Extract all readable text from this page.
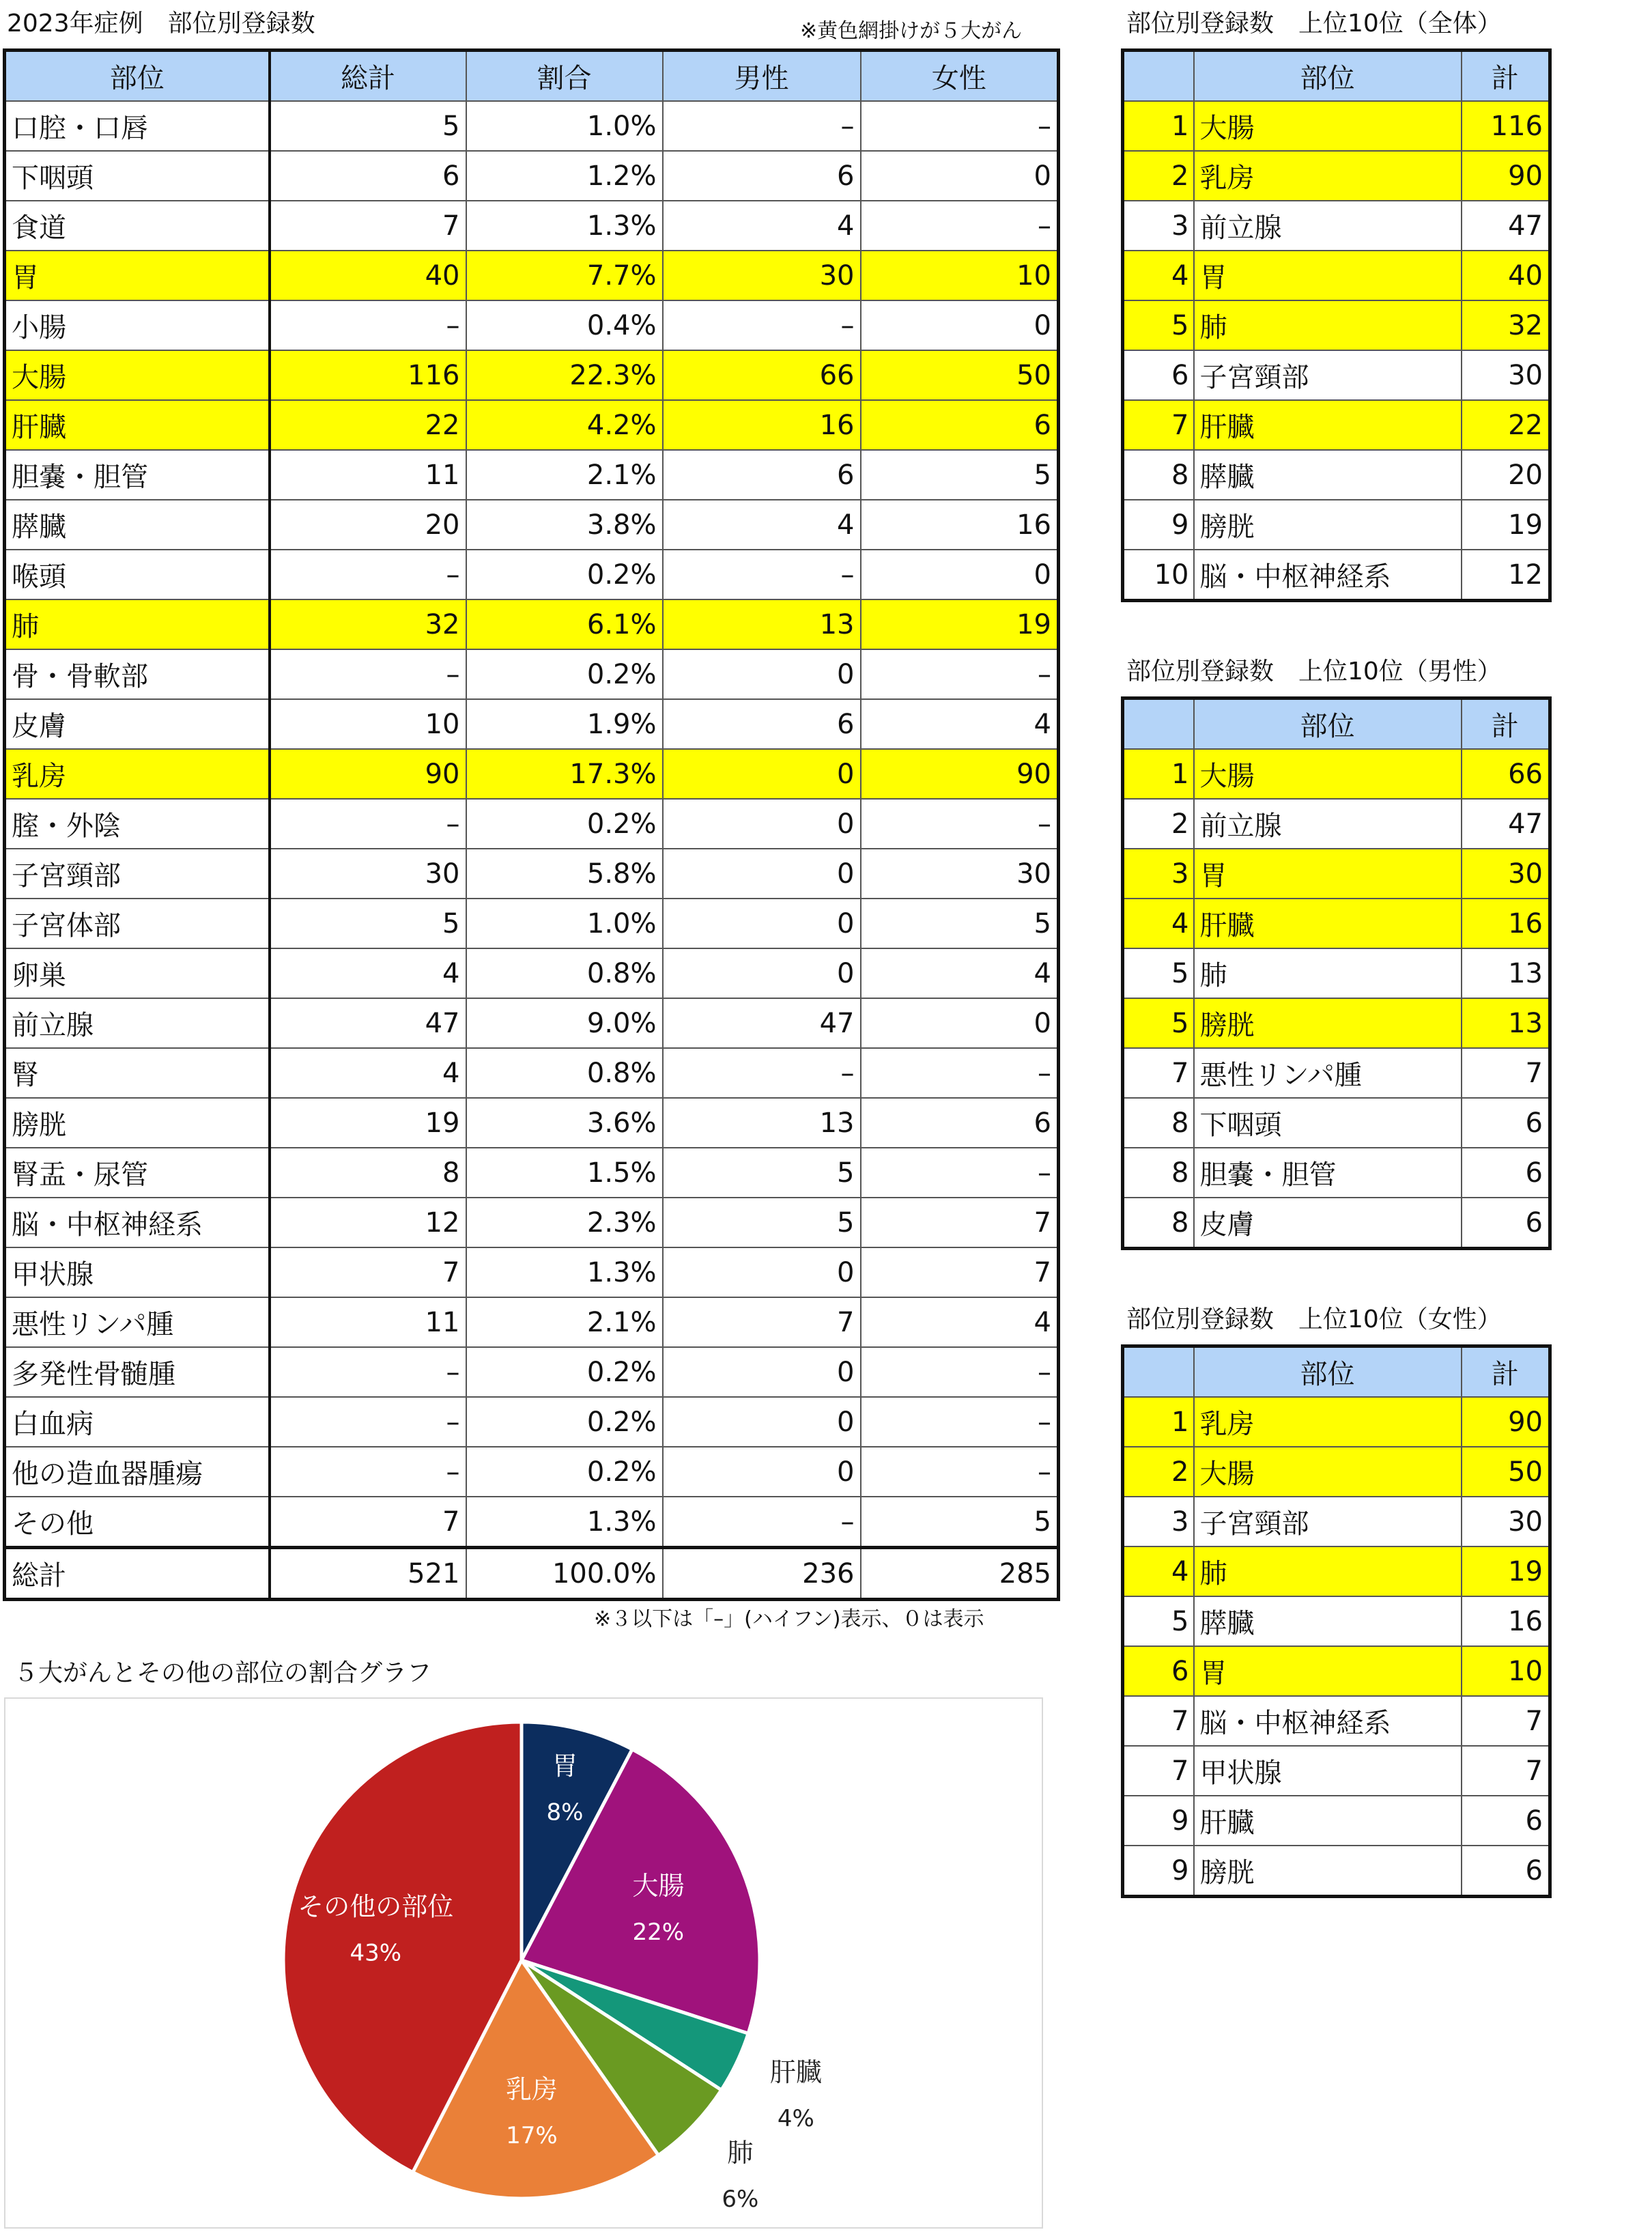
2023年症例　部位別登録数	※黄色網掛けが５大がん
部位	総計	割合	男性	女性
口腔・口唇	5	1.0%	–	–
下咽頭	6	1.2%	6	0
食道	7	1.3%	4	–
胃	40	7.7%	30	10
小腸	–	0.4%	–	0
大腸	116	22.3%	66	50
肝臓	22	4.2%	16	6
胆嚢・胆管	11	2.1%	6	5
膵臓	20	3.8%	4	16
喉頭	–	0.2%	–	0
肺	32	6.1%	13	19
骨・骨軟部	–	0.2%	0	–
皮膚	10	1.9%	6	4
乳房	90	17.3%	0	90
腟・外陰	–	0.2%	0	–
子宮頸部	30	5.8%	0	30
子宮体部	5	1.0%	0	5
卵巣	4	0.8%	0	4
前立腺	47	9.0%	47	0
腎	4	0.8%	–	–
膀胱	19	3.6%	13	6
腎盂・尿管	8	1.5%	5	–
脳・中枢神経系	12	2.3%	5	7
甲状腺	7	1.3%	0	7
悪性リンパ腫	11	2.1%	7	4
多発性骨髄腫	–	0.2%	0	–
白血病	–	0.2%	0	–
他の造血器腫瘍	–	0.2%	0	–
その他	7	1.3%	–	5
総計	521	100.0%	236	285
※３以下は「–」(ハイフン)表示、０は表示
５大がんとその他の部位の割合グラフ
胃
8%
大腸
22%
肝臓
4%
肺
6%
乳房
17%
その他の部位
43%
部位別登録数　上位10位（全体）
	部位	計
1	大腸	116
2	乳房	90
3	前立腺	47
4	胃	40
5	肺	32
6	子宮頸部	30
7	肝臓	22
8	膵臓	20
9	膀胱	19
10	脳・中枢神経系	12
部位別登録数　上位10位（男性）
	部位	計
1	大腸	66
2	前立腺	47
3	胃	30
4	肝臓	16
5	肺	13
5	膀胱	13
7	悪性リンパ腫	7
8	下咽頭	6
8	胆嚢・胆管	6
8	皮膚	6
部位別登録数　上位10位（女性）
	部位	計
1	乳房	90
2	大腸	50
3	子宮頸部	30
4	肺	19
5	膵臓	16
6	胃	10
7	脳・中枢神経系	7
7	甲状腺	7
9	肝臓	6
9	膀胱	6
